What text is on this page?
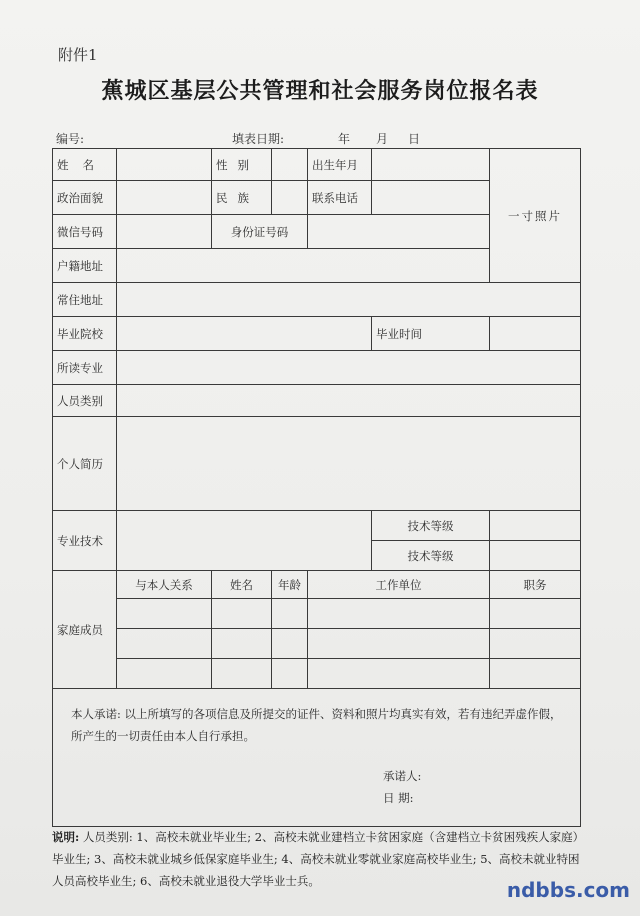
附件1
蕉城区基层公共管理和社会服务岗位报名表
编号:	填表日期:	年 月 日
姓名		性别		出生年月		一寸照片
政治面貌		民族		联系电话		
微信号码		身份证号码				
户籍地址						
常住地址						
毕业院校					毕业时间	
所读专业						
人员类别						
个人简历						
专业技术					技术等级	
					技术等级	
家庭成员	与本人关系	姓名	年龄	工作单位		职务

本人承诺: 以上所填写的各项信息及所提交的证件、资料和照片均真实有效，若有违纪弄虚作假，所产生的一切责任由本人自行承担。
承诺人:
日 期:						
说明: 人员类别: 1、高校未就业毕业生; 2、高校未就业建档立卡贫困家庭（含建档立卡贫困残疾人家庭）毕业生; 3、高校未就业城乡低保家庭毕业生; 4、高校未就业零就业家庭高校毕业生; 5、高校未就业特困人员高校毕业生; 6、高校未就业退役大学毕业士兵。	ndbbs.com
